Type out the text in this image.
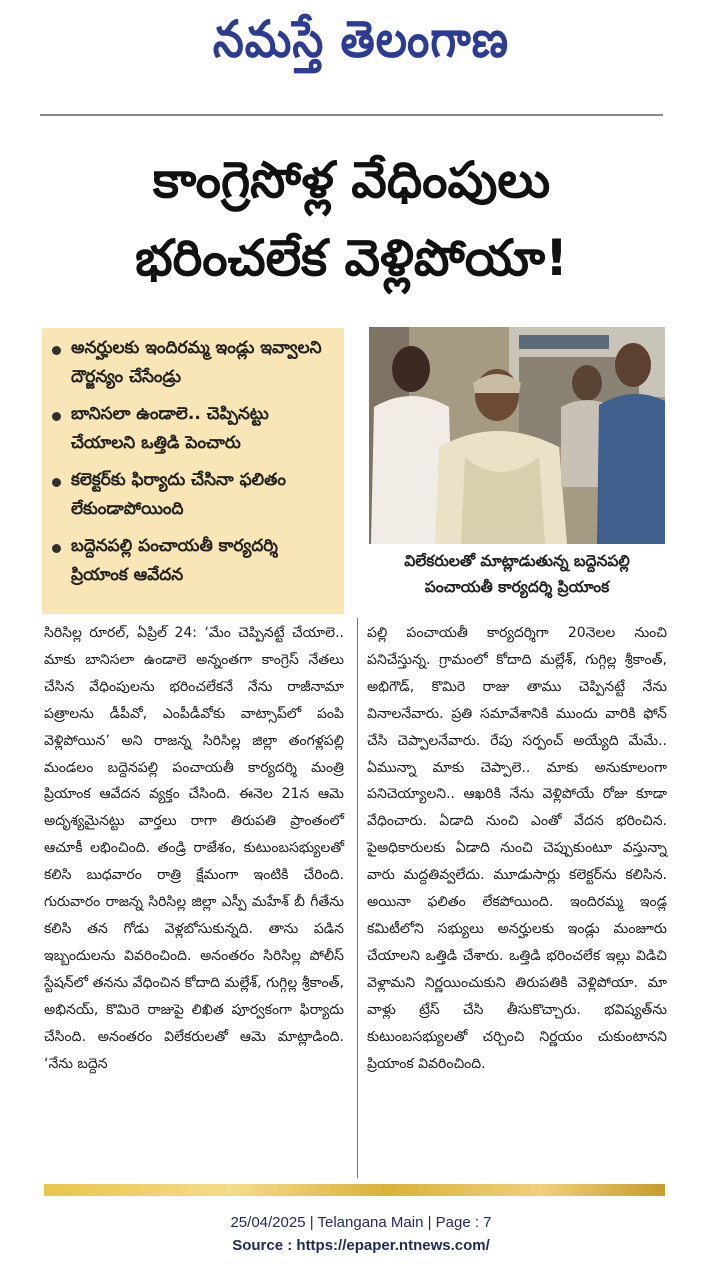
నమస్తే తెలంగాణ
కాంగ్రెసోళ్ల వేధింపులు
భరించలేక వెళ్లిపోయా!
అనర్హులకు ఇందిరమ్మ ఇండ్లు ఇవ్వాలని దౌర్జన్యం చేసేండ్రు
బానిసలా ఉండాలె.. చెప్పినట్టు చేయాలని ఒత్తిడి పెంచారు
కలెక్టర్‌కు ఫిర్యాదు చేసినా ఫలితం లేకుండాపోయింది
బద్దెనపల్లి పంచాయతీ కార్యదర్శి ప్రియాంక ఆవేదన
విలేకరులతో మాట్లాడుతున్న బద్దెనపల్లి
పంచాయతీ కార్యదర్శి ప్రియాంక
సిరిసిల్ల రూరల్‌, ఏప్రిల్‌ 24: ‘మేం చెప్పినట్టే చేయాలె.. మాకు బానిసలా ఉండాలె అన్నంతగా కాంగ్రెస్‌ నేతలు చేసిన వేధింపులను భరించలేకనే నేను రాజీనామా పత్రాలను డీపీవో, ఎంపీడీవోకు వాట్సాప్‌లో పంపి వెళ్లిపోయిన’ అని రాజన్న సిరిసిల్ల జిల్లా తంగళ్లపల్లి మండలం బద్దెనపల్లి పంచాయతీ కార్యదర్శి మంత్రి ప్రియాంక ఆవేదన వ్యక్తం చేసింది. ఈనెల 21న ఆమె అదృశ్యమైనట్టు వార్తలు రాగా తిరుపతి ప్రాంతంలో ఆచూకీ లభించింది. తండ్రి రాజేశం, కుటుంబసభ్యులతో కలిసి బుధవారం రాత్రి క్షేమంగా ఇంటికి చేరింది. గురువారం రాజన్న సిరిసిల్ల జిల్లా ఎస్పీ మహేశ్‌ బీ గీతేను కలిసి తన గోడు వెళ్లబోసుకున్నది. తాను పడిన ఇబ్బందులను వివరించింది. అనంతరం సిరిసిల్ల పోలీస్‌ స్టేషన్‌లో తనను వేధించిన కోదాది మల్లేశ్‌, గుగ్గిల్ల శ్రీకాంత్‌, అభినయ్‌, కొమిరె రాజుపై లిఖిత పూర్వకంగా ఫిర్యాదు చేసింది. అనంతరం విలేకరులతో ఆమె మాట్లాడింది. ‘నేను బద్దెన
పల్లి పంచాయతీ కార్యదర్శిగా 20నెలల నుంచి పనిచేస్తున్న. గ్రామంలో కోదాది మల్లేశ్‌, గుగ్గిల్ల శ్రీకాంత్‌, అభిగౌడ్‌, కొమిరె రాజు తాము చెప్పినట్టే నేను వినాలనేవారు. ప్రతి సమావేశానికి ముందు వారికి ఫోన్‌ చేసి చెప్పాలనేవారు. రేపు సర్పంచ్‌ అయ్యేది మేమే.. ఏమున్నా మాకు చెప్పాలె.. మాకు అనుకూలంగా పనిచెయ్యాలని.. ఆఖరికి నేను వెళ్లిపోయే రోజు కూడా వేధించారు. ఏడాది నుంచి ఎంతో వేదన భరించిన. పైఅధికారులకు ఏడాది నుంచి చెప్పుకుంటూ వస్తున్నా వారు మద్దతివ్వలేదు. మూడుసార్లు కలెక్టర్‌ను కలిసిన. అయినా ఫలితం లేకపోయింది. ఇందిరమ్మ ఇండ్ల కమిటీలోని సభ్యులు అనర్హులకు ఇండ్లు మంజూరు చేయాలని ఒత్తిడి చేశారు. ఒత్తిడి భరించలేక ఇల్లు విడిచి వెళ్లామని నిర్ణయించుకుని తిరుపతికి వెళ్లిపోయా. మా వాళ్లు ట్రేస్‌ చేసి తీసుకొచ్చారు. భవిష్యత్‌ను కుటుంబసభ్యులతో చర్చించి నిర్ణయం చుకుంటానని ప్రియాంక వివరించింది.
25/04/2025 | Telangana Main | Page : 7
Source : https://epaper.ntnews.com/
